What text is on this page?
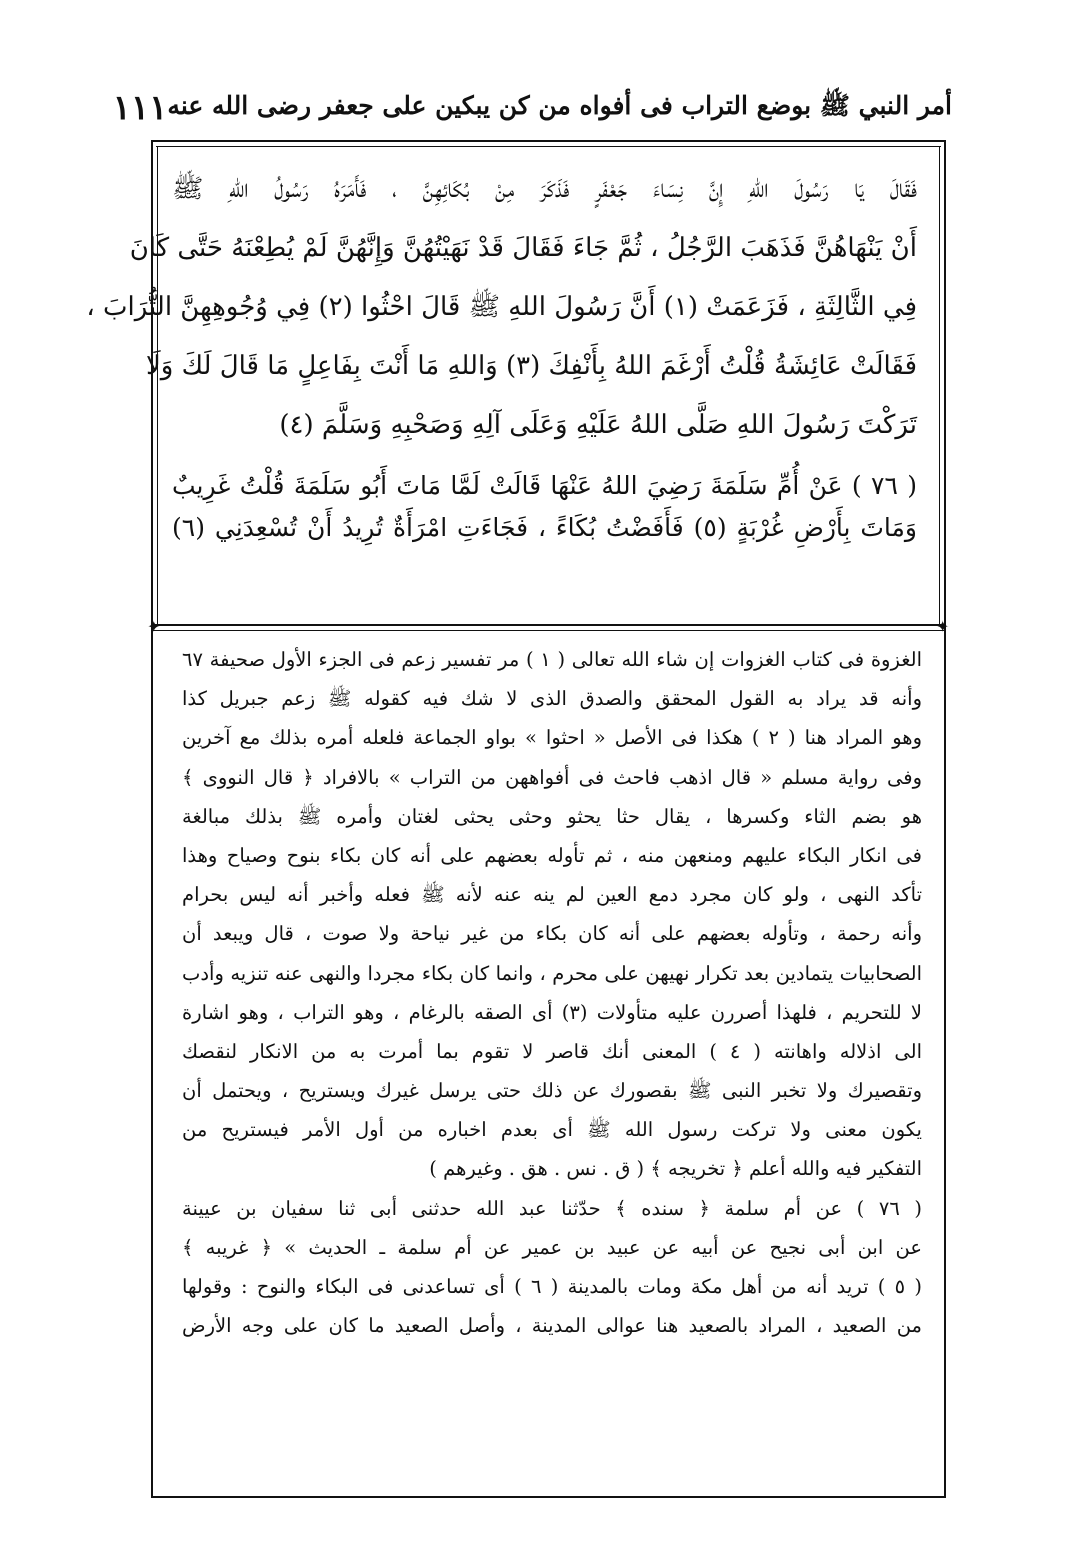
أمر النبي ﷺ بوضع التراب فى أفواه من كن يبكين على جعفر رضى الله عنه
١١١
✦	✦
فَقَالَ يَا رَسُولَ اللهِ إِنَّ نِسَاءَ جَعْفَرٍ فَذَكَرَ مِنْ بُكَائِهِنَّ ، فَأَمَرَهُ رَسُولُ اللهِ ﷺ
أَنْ يَنْهَاهُنَّ فَذَهَبَ الرَّجُلُ ، ثُمَّ جَاءَ فَقَالَ قَدْ نَهَيْتُهُنَّ وَإِنَّهُنَّ لَمْ يُطِعْنَهُ حَتَّى كَانَ
فِي الثَّالِثَةِ ، فَزَعَمَتْ (١) أَنَّ رَسُولَ اللهِ ﷺ قَالَ احْثُوا (٢) فِي وُجُوهِهِنَّ التُّرَابَ ،
فَقَالَتْ عَائِشَةُ قُلْتُ أَرْغَمَ اللهُ بِأَنْفِكَ (٣) وَاللهِ مَا أَنْتَ بِفَاعِلٍ مَا قَالَ لَكَ وَلَا
تَرَكْتَ رَسُولَ اللهِ صَلَّى اللهُ عَلَيْهِ وَعَلَى آلِهِ وَصَحْبِهِ وَسَلَّمَ (٤)
( ٧٦ ) عَنْ أُمِّ سَلَمَةَ رَضِيَ اللهُ عَنْهَا قَالَتْ لَمَّا مَاتَ أَبُو سَلَمَةَ قُلْتُ غَرِيبٌ
وَمَاتَ بِأَرْضِ غُرْبَةٍ (٥) فَأَفَضْتُ بُكَاءً ، فَجَاءَتِ امْرَأَةٌ تُرِيدُ أَنْ تُسْعِدَنِي (٦)
الغزوة فى كتاب الغزوات إن شاء الله تعالى ( ١ ) مر تفسير زعم فى الجزء الأول صحيفة ٦٧
وأنه قد يراد به القول المحقق والصدق الذى لا شك فيه كقوله ﷺ زعم جبريل كذا
وهو المراد هنا ( ٢ ) هكذا فى الأصل « احثوا » بواو الجماعة فلعله أمره بذلك مع آخرين
وفى رواية مسلم « قال اذهب فاحث فى أفواههن من التراب » بالافراد ﴿ قال النووى ﴾
هو بضم الثاء وكسرها ، يقال حثا يحثو وحثى يحثى لغتان وأمره ﷺ بذلك مبالغة
فى انكار البكاء عليهم ومنعهن منه ، ثم تأوله بعضهم على أنه كان بكاء بنوح وصياح وهذا
تأكد النهى ، ولو كان مجرد دمع العين لم ينه عنه لأنه ﷺ فعله وأخبر أنه ليس بحرام
وأنه رحمة ، وتأوله بعضهم على أنه كان بكاء من غير نياحة ولا صوت ، قال ويبعد أن
الصحابيات يتمادين بعد تكرار نهيهن على محرم ، وانما كان بكاء مجردا والنهى عنه تنزيه وأدب
لا للتحريم ، فلهذا أصررن عليه متأولات (٣) أى الصقه بالرغام ، وهو التراب ، وهو اشارة
الى اذلاله واهانته ( ٤ ) المعنى أنك قاصر لا تقوم بما أمرت به من الانكار لنقصك
وتقصيرك ولا تخبر النبى ﷺ بقصورك عن ذلك حتى يرسل غيرك ويستريح ، ويحتمل أن
يكون معنى ولا تركت رسول الله ﷺ أى بعدم اخباره من أول الأمر فيستريح من
التفكير فيه والله أعلم ﴿ تخريجه ﴾ ( ق . نس . هق . وغيرهم )
( ٧٦ ) عن أم سلمة ﴿ سنده ﴾ حدّثنا عبد الله حدثنى أبى ثنا سفيان بن عيينة
عن ابن أبى نجيح عن أبيه عن عبيد بن عمير عن أم سلمة ـ الحديث » ﴿ غريبه ﴾
( ٥ ) تريد أنه من أهل مكة ومات بالمدينة ( ٦ ) أى تساعدنى فى البكاء والنوح : وقولها
من الصعيد ، المراد بالصعيد هنا عوالى المدينة ، وأصل الصعيد ما كان على وجه الأرض
